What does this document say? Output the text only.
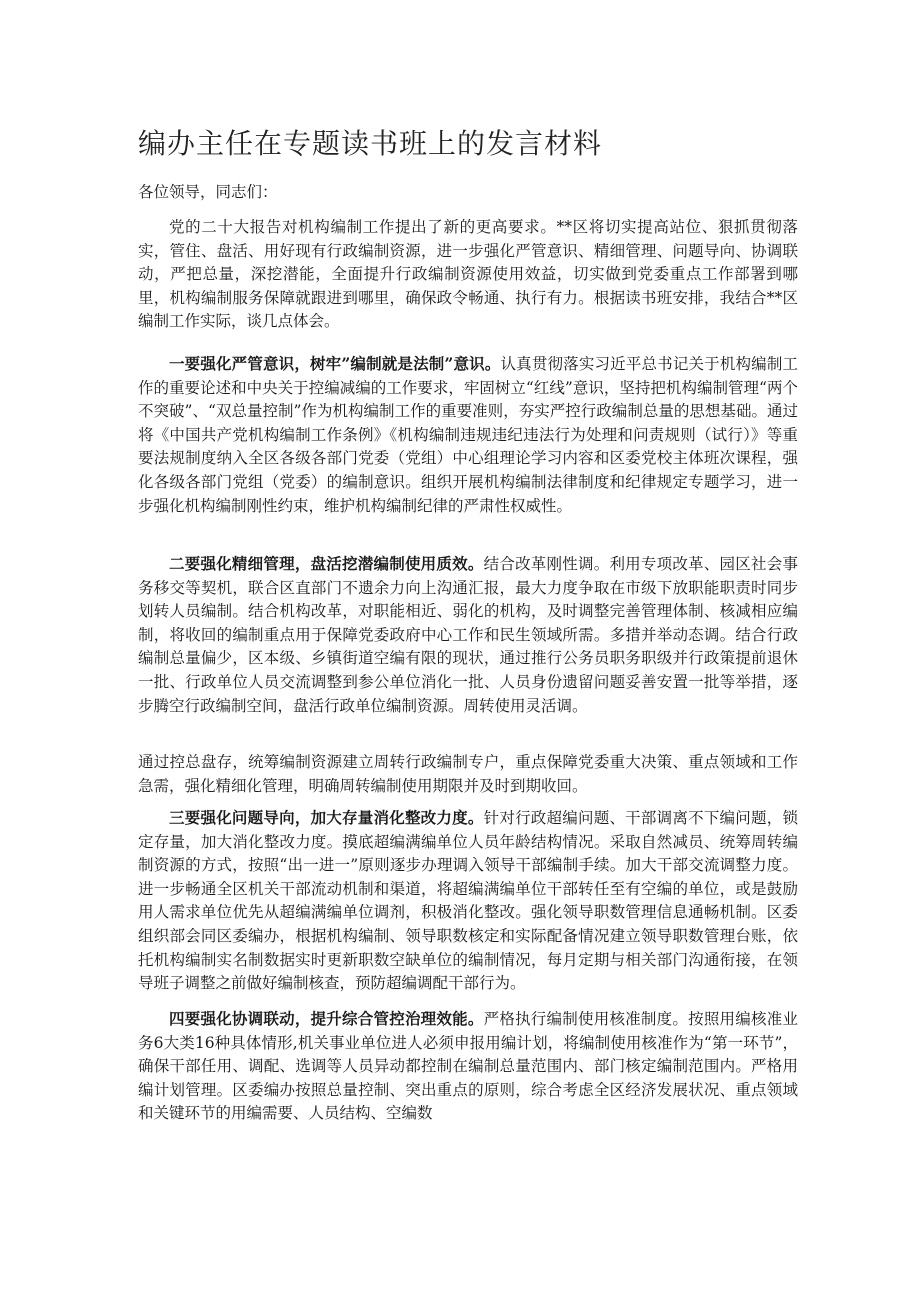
编办主任在专题读书班上的发言材料

各位领导，同志们：

党的二十大报告对机构编制工作提出了新的更高要求。**区将切实提高站位、狠抓贯彻落实，管住、盘活、用好现有行政编制资源，进一步强化严管意识、精细管理、问题导向、协调联动，严把总量，深挖潜能，全面提升行政编制资源使用效益，切实做到党委重点工作部署到哪里，机构编制服务保障就跟进到哪里，确保政令畅通、执行有力。根据读书班安排，我结合**区编制工作实际，谈几点体会。

一要强化严管意识，树牢”编制就是法制”意识。认真贯彻落实习近平总书记关于机构编制工作的重要论述和中央关于控编减编的工作要求，牢固树立“红线”意识，坚持把机构编制管理“两个不突破”、“双总量控制”作为机构编制工作的重要准则，夯实严控行政编制总量的思想基础。通过将《中国共产党机构编制工作条例》《机构编制违规违纪违法行为处理和问责规则（试行）》等重要法规制度纳入全区各级各部门党委（党组）中心组理论学习内容和区委党校主体班次课程，强化各级各部门党组（党委）的编制意识。组织开展机构编制法律制度和纪律规定专题学习，进一步强化机构编制刚性约束，维护机构编制纪律的严肃性权威性。

二要强化精细管理，盘活挖潜编制使用质效。结合改革刚性调。利用专项改革、园区社会事务移交等契机，联合区直部门不遗余力向上沟通汇报，最大力度争取在市级下放职能职责时同步划转人员编制。结合机构改革，对职能相近、弱化的机构，及时调整完善管理体制、核减相应编制，将收回的编制重点用于保障党委政府中心工作和民生领域所需。多措并举动态调。结合行政编制总量偏少，区本级、乡镇街道空编有限的现状，通过推行公务员职务职级并行政策提前退休一批、行政单位人员交流调整到参公单位消化一批、人员身份遗留问题妥善安置一批等举措，逐步腾空行政编制空间，盘活行政单位编制资源。周转使用灵活调。

通过控总盘存，统筹编制资源建立周转行政编制专户，重点保障党委重大决策、重点领域和工作急需，强化精细化管理，明确周转编制使用期限并及时到期收回。

三要强化问题导向，加大存量消化整改力度。针对行政超编问题、干部调离不下编问题，锁定存量，加大消化整改力度。摸底超编满编单位人员年龄结构情况。采取自然减员、统筹周转编制资源的方式，按照“出一进一”原则逐步办理调入领导干部编制手续。加大干部交流调整力度。进一步畅通全区机关干部流动机制和渠道，将超编满编单位干部转任至有空编的单位，或是鼓励用人需求单位优先从超编满编单位调剂，积极消化整改。强化领导职数管理信息通畅机制。区委组织部会同区委编办，根据机构编制、领导职数核定和实际配备情况建立领导职数管理台账，依托机构编制实名制数据实时更新职数空缺单位的编制情况，每月定期与相关部门沟通衔接，在领导班子调整之前做好编制核查，预防超编调配干部行为。

四要强化协调联动，提升综合管控治理效能。严格执行编制使用核准制度。按照用编核准业务6大类16种具体情形,机关事业单位进人必须申报用编计划，将编制使用核准作为“第一环节”，确保干部任用、调配、选调等人员异动都控制在编制总量范围内、部门核定编制范围内。严格用编计划管理。区委编办按照总量控制、突出重点的原则，综合考虑全区经济发展状况、重点领域和关键环节的用编需要、人员结构、空编数
